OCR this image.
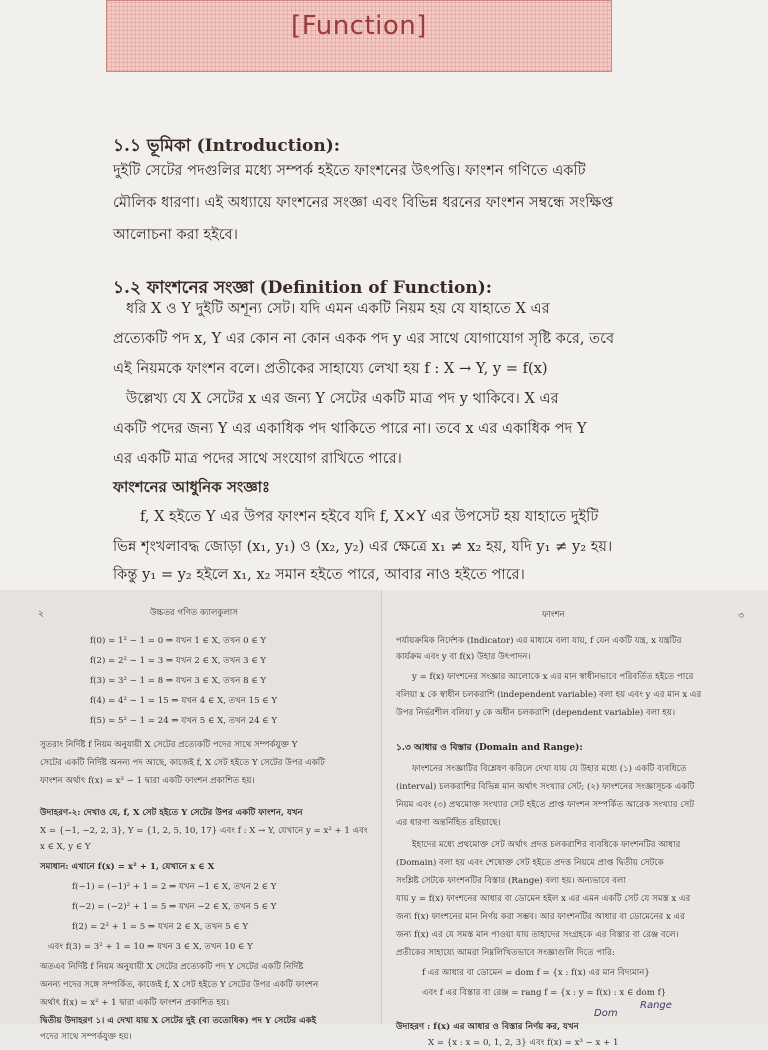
[Function]
১.১ ভূমিকা (Introduction):
দুইটি সেটের পদগুলির মধ্যে সম্পর্ক হইতে ফাংশনের উৎপত্তি। ফাংশন গণিতে একটি
মৌলিক ধারণা। এই অধ্যায়ে ফাংশনের সংজ্ঞা এবং বিভিন্ন ধরনের ফাংশন সম্বন্ধে সংক্ষিপ্ত
আলোচনা করা হইবে।
১.২ ফাংশনের সংজ্ঞা (Definition of Function):
ধরি X ও Y দুইটি অশূন্য সেট। যদি এমন একটি নিয়ম হয় যে যাহাতে X এর
প্রত্যেকটি পদ x, Y এর কোন না কোন একক পদ y এর সাথে যোগাযোগ সৃষ্টি করে, তবে
এই নিয়মকে ফাংশন বলে। প্রতীকের সাহায্যে লেখা হয় f : X → Y, y = f(x)
উল্লেখ্য যে X সেটের x এর জন্য Y সেটের একটি মাত্র পদ y থাকিবে। X এর
একটি পদের জন্য Y এর একাধিক পদ থাকিতে পারে না। তবে x এর একাধিক পদ Y
এর একটি মাত্র পদের সাথে সংযোগ রাখিতে পারে।
ফাংশনের আধুনিক সংজ্ঞাঃ
f, X হইতে Y এর উপর ফাংশন হইবে যদি f, X×Y এর উপসেট হয় যাহাতে দুইটি
ভিন্ন শৃংখলাবদ্ধ জোড়া (x₁, y₁) ও (x₂, y₂) এর ক্ষেত্রে x₁ ≠ x₂ হয়, যদি y₁ ≠ y₂ হয়।
কিন্তু y₁ = y₂ হইলে x₁, x₂ সমান হইতে পারে, আবার নাও হইতে পারে।
২	উচ্চতর গণিত ক্যালকুলাস
f(0) = 1² − 1 = 0 ⇒ যখন 1 ∈ X, তখন 0 ∈ Y
f(2) = 2² − 1 = 3 ⇒ যখন 2 ∈ X, তখন 3 ∈ Y
f(3) = 3² − 1 = 8 ⇒ যখন 3 ∈ X, তখন 8 ∈ Y
f(4) = 4² − 1 = 15 ⇒ যখন 4 ∈ X, তখন 15 ∈ Y
f(5) = 5² − 1 = 24 ⇒ যখন 5 ∈ X, তখন 24 ∈ Y
সুতরাং নির্দিষ্ট f নিয়ম অনুযায়ী X সেটের প্রত্যেকটি পদের সাথে সম্পর্কযুক্ত Y
সেটের একটি নির্দিষ্ট অনন্য পদ আছে, কাজেই f, X সেট হইতে Y সেটের উপর একটি
ফাংশন অর্থাৎ f(x) = x² − 1 দ্বারা একটি ফাংশন প্রকাশিত হয়।
উদাহরণ-২: দেখাও যে, f, X সেট হইতে Y সেটের উপর একটি ফাংশন, যখন
X = {−1, −2, 2, 3}, Y = {1, 2, 5, 10, 17} এবং f : X → Y, যেখানে y = x² + 1 এবং
x ∈ X, y ∈ Y
সমাধান: এখানে f(x) = x² + 1, যেখানে x ∈ X
f(−1) = (−1)² + 1 = 2 ⇒ যখন −1 ∈ X, তখন 2 ∈ Y
f(−2) = (−2)² + 1 = 5 ⇒ যখন −2 ∈ X, তখন 5 ∈ Y
f(2) = 2² + 1 = 5 ⇒ যখন 2 ∈ X, তখন 5 ∈ Y
এবং f(3) = 3² + 1 = 10 ⇒ যখন 3 ∈ X, তখন 10 ∈ Y
অতএব নির্দিষ্ট f নিয়ম অনুযায়ী X সেটের প্রত্যেকটি পদ Y সেটের একটি নির্দিষ্ট
অনন্য পদের সঙ্গে সম্পর্কিত, কাজেই f, X সেট হইতে Y সেটের উপর একটি ফাংশন
অর্থাৎ f(x) = x² + 1 দ্বারা একটি ফাংশন প্রকাশিত হয়।
দ্বিতীয় উদাহরণ ১। এ দেখা যায় X সেটের দুই (বা ততোধিক) পদ Y সেটের একই
পদের সাথে সম্পর্কযুক্ত হয়।
ফাংশন	৩
পর্যায়ক্রমিক নির্দেশক (Indicator) এর মাধ্যমে বলা যায়, f যেন একটি যন্ত্র, x যন্ত্রটির
কার্যক্রম এবং y বা f(x) উহার উৎপাদন।
y = f(x) ফাংশনের সংজ্ঞার আলোকে x এর মান স্বাধীনভাবে পরিবর্তিত হইতে পারে
বলিয়া x কে স্বাধীন চলকরাশি (independent variable) বলা হয় এবং y এর মান x এর
উপর নির্ভরশীল বলিয়া y কে অধীন চলকরাশি (dependent variable) বলা হয়।
১.৩ আধার ও বিস্তার (Domain and Range):
ফাংশনের সংজ্ঞাটির বিশ্লেষণ করিলে দেখা যায় যে উহার মধ্যে (১) একটি ব্যবধিতে
(interval) চলকরাশির বিভিন্ন মান অর্থাৎ সংখ্যার সেট; (২) ফাংশনের সংজ্ঞাসূচক একটি
নিয়ম এবং (৩) প্রথমোক্ত সংখ্যার সেট হইতে প্রাপ্ত ফাংশন সম্পর্কিত আরেক সংখ্যার সেট
এর ধারণা অন্তর্নিহিত রহিয়াছে।
ইহাদের মধ্যে প্রথমোক্ত সেট অর্থাৎ প্রদত্ত চলকরাশির ব্যবধিকে ফাংশনটির আধার
(Domain) বলা হয় এবং শেষোক্ত সেট হইতে প্রদত্ত নিয়মে প্রাপ্ত দ্বিতীয় সেটকে
সংশ্লিষ্ট সেটকে ফাংশনটির বিস্তার (Range) বলা হয়। অন্যভাবে বলা
যায় y = f(x) ফাংশনের আধার বা ডোমেন হইল x এর এমন একটি সেট যে সমস্ত x এর
জন্য f(x) ফাংশনের মান নির্ণয় করা সম্ভব। আর ফাংশনটির আধার বা ডোমেনের x এর
জন্য f(x) এর যে সমস্ত মান পাওয়া যায় তাহাদের সংগ্রহকে এর বিস্তার বা রেঞ্জ বলে।
প্রতীকের সাহায্যে আমরা নিম্নলিখিতভাবে সংজ্ঞাগুলি দিতে পারি:
f এর আধার বা ডোমেন = dom f = {x : f(x) এর মান বিদ্যমান}
এবং f এর বিস্তার বা রেঞ্জ = rang f = {x : y = f(x) : x ∈ dom f}
Dom
Range
উদাহরণ : f(x) এর আধার ও বিস্তার নির্ণয় কর, যখন
X = {x : x = 0, 1, 2, 3} এবং f(x) = x³ − x + 1
